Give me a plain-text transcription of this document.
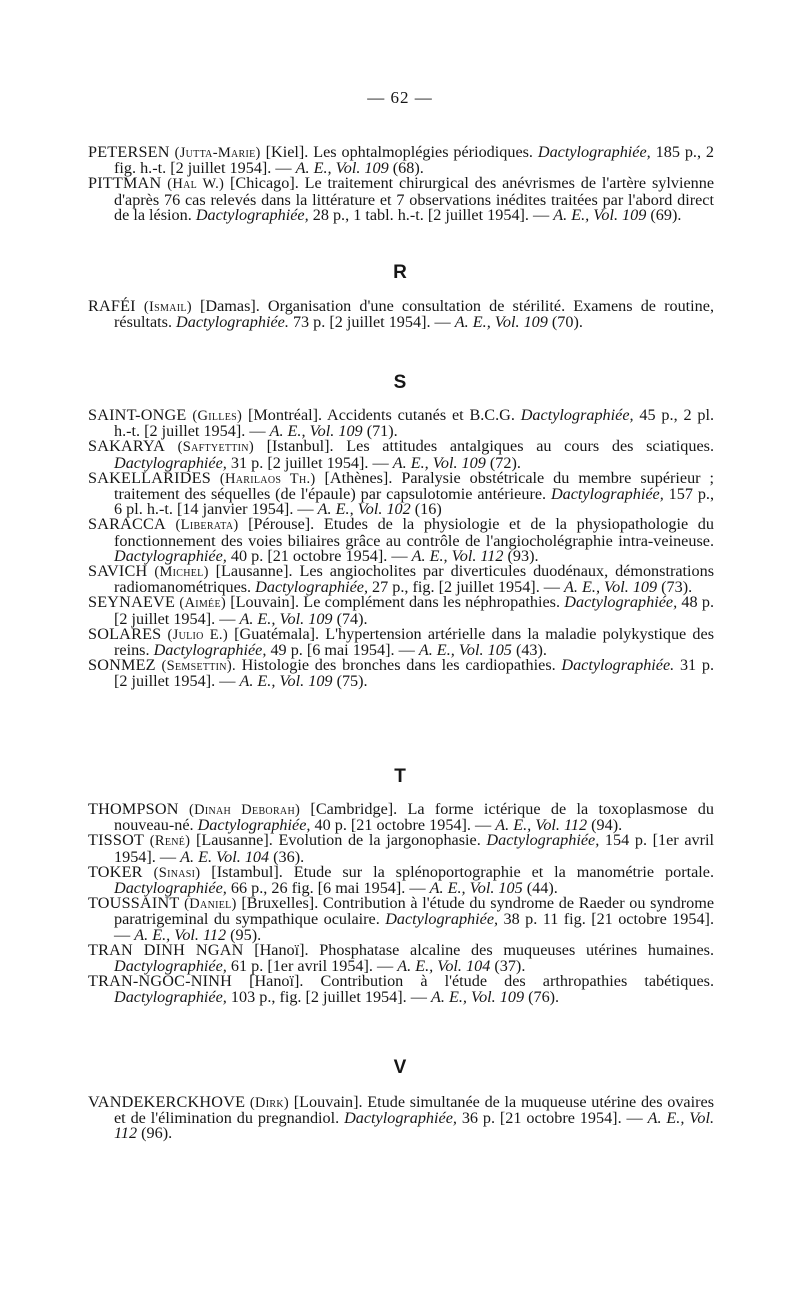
— 62 —

PETERSEN (Jutta-Marie) [Kiel]. Les ophtalmoplégies périodiques. Dactylographiée, 185 p., 2 fig. h.-t. [2 juillet 1954]. — A. E., Vol. 109 (68).

PITTMAN (Hal W.) [Chicago]. Le traitement chirurgical des anévrismes de l'artère sylvienne d'après 76 cas relevés dans la littérature et 7 observations inédites traitées par l'abord direct de la lésion. Dactylographiée, 28 p., 1 tabl. h.-t. [2 juillet 1954]. — A. E., Vol. 109 (69).

R

RAFÉI (Ismail) [Damas]. Organisation d'une consultation de stérilité. Examens de routine, résultats. Dactylographiée. 73 p. [2 juillet 1954]. — A. E., Vol. 109 (70).

S

SAINT-ONGE (Gilles) [Montréal]. Accidents cutanés et B.C.G. Dactylographiée, 45 p., 2 pl. h.-t. [2 juillet 1954]. — A. E., Vol. 109 (71).

SAKARYA (Saftyettin) [Istanbul]. Les attitudes antalgiques au cours des sciatiques. Dactylographiée, 31 p. [2 juillet 1954]. — A. E., Vol. 109 (72).

SAKELLARIDES (Harilaos Th.) [Athènes]. Paralysie obstétricale du membre supérieur ; traitement des séquelles (de l'épaule) par capsulotomie antérieure. Dactylographiée, 157 p., 6 pl. h.-t. [14 janvier 1954]. — A. E., Vol. 102 (16)

SARACCA (Liberata) [Pérouse]. Etudes de la physiologie et de la physiopathologie du fonctionnement des voies biliaires grâce au contrôle de l'angiocholégraphie intra-veineuse. Dactylographiée, 40 p. [21 octobre 1954]. — A. E., Vol. 112 (93).

SAVICH (Michel) [Lausanne]. Les angiocholites par diverticules duodénaux, démonstrations radiomanométriques. Dactylographiée, 27 p., fig. [2 juillet 1954]. — A. E., Vol. 109 (73).

SEYNAEVE (Aimée) [Louvain]. Le complément dans les néphropathies. Dactylographiée, 48 p. [2 juillet 1954]. — A. E., Vol. 109 (74).

SOLARES (Julio E.) [Guatémala]. L'hypertension artérielle dans la maladie polykystique des reins. Dactylographiée, 49 p. [6 mai 1954]. — A. E., Vol. 105 (43).

SONMEZ (Semsettin). Histologie des bronches dans les cardiopathies. Dactylographiée. 31 p. [2 juillet 1954]. — A. E., Vol. 109 (75).

T

THOMPSON (Dinah Deborah) [Cambridge]. La forme ictérique de la toxoplasmose du nouveau-né. Dactylographiée, 40 p. [21 octobre 1954]. — A. E., Vol. 112 (94).

TISSOT (René) [Lausanne]. Evolution de la jargonophasie. Dactylographiée, 154 p. [1er avril 1954]. — A. E. Vol. 104 (36).

TOKER (Sinasi) [Istambul]. Etude sur la splénoportographie et la manométrie portale. Dactylographiée, 66 p., 26 fig. [6 mai 1954]. — A. E., Vol. 105 (44).

TOUSSAINT (Daniel) [Bruxelles]. Contribution à l'étude du syndrome de Raeder ou syndrome paratrigeminal du sympathique oculaire. Dactylographiée, 38 p. 11 fig. [21 octobre 1954]. — A. E., Vol. 112 (95).

TRAN DINH NGAN [Hanoï]. Phosphatase alcaline des muqueuses utérines humaines. Dactylographiée, 61 p. [1er avril 1954]. — A. E., Vol. 104 (37).

TRAN-NGOC-NINH [Hanoï]. Contribution à l'étude des arthropathies tabétiques. Dactylographiée, 103 p., fig. [2 juillet 1954]. — A. E., Vol. 109 (76).

V

VANDEKERCKHOVE (Dirk) [Louvain]. Etude simultanée de la muqueuse utérine des ovaires et de l'élimination du pregnandiol. Dactylographiée, 36 p. [21 octobre 1954]. — A. E., Vol. 112 (96).
